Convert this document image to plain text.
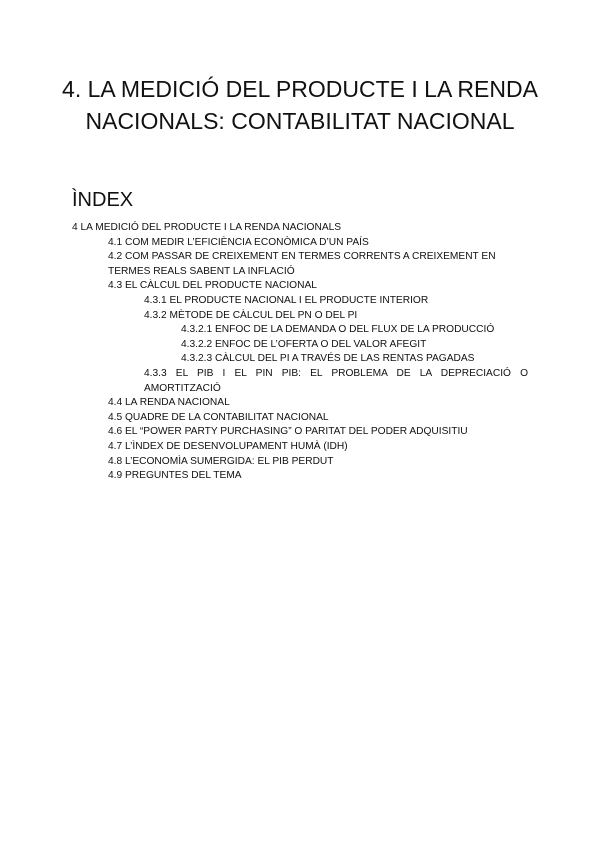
4. LA MEDICIÓ DEL PRODUCTE I LA RENDA NACIONALS: CONTABILITAT NACIONAL
ÌNDEX
4 LA MEDICIÓ DEL PRODUCTE I LA RENDA NACIONALS
4.1 COM MEDIR L’EFICIÈNCIA ECONÒMICA D’UN PAÍS
4.2 COM PASSAR DE CREIXEMENT EN TERMES CORRENTS A CREIXEMENT EN TERMES REALS SABENT LA INFLACIÓ
4.3 EL CÀLCUL DEL PRODUCTE NACIONAL
4.3.1 EL PRODUCTE NACIONAL I EL PRODUCTE INTERIOR
4.3.2 MÈTODE DE CÀLCUL DEL PN O DEL PI
4.3.2.1 ENFOC DE LA DEMANDA O DEL FLUX DE LA PRODUCCIÓ
4.3.2.2 ENFOC DE L’OFERTA O DEL VALOR AFEGIT
4.3.2.3 CÀLCUL DEL PI A TRAVÉS DE LAS RENTAS PAGADAS
4.3.3 EL PIB I EL PIN PIB: EL PROBLEMA DE LA DEPRECIACIÓ O AMORTITZACIÓ
4.4 LA RENDA NACIONAL
4.5 QUADRE DE LA CONTABILITAT NACIONAL
4.6 EL “POWER PARTY PURCHASING” O PARITAT DEL PODER ADQUISITIU
4.7 L’ÌNDEX DE DESENVOLUPAMENT HUMÀ (IDH)
4.8 L’ECONOMÌA SUMERGIDA: EL PIB PERDUT
4.9 PREGUNTES DEL TEMA
